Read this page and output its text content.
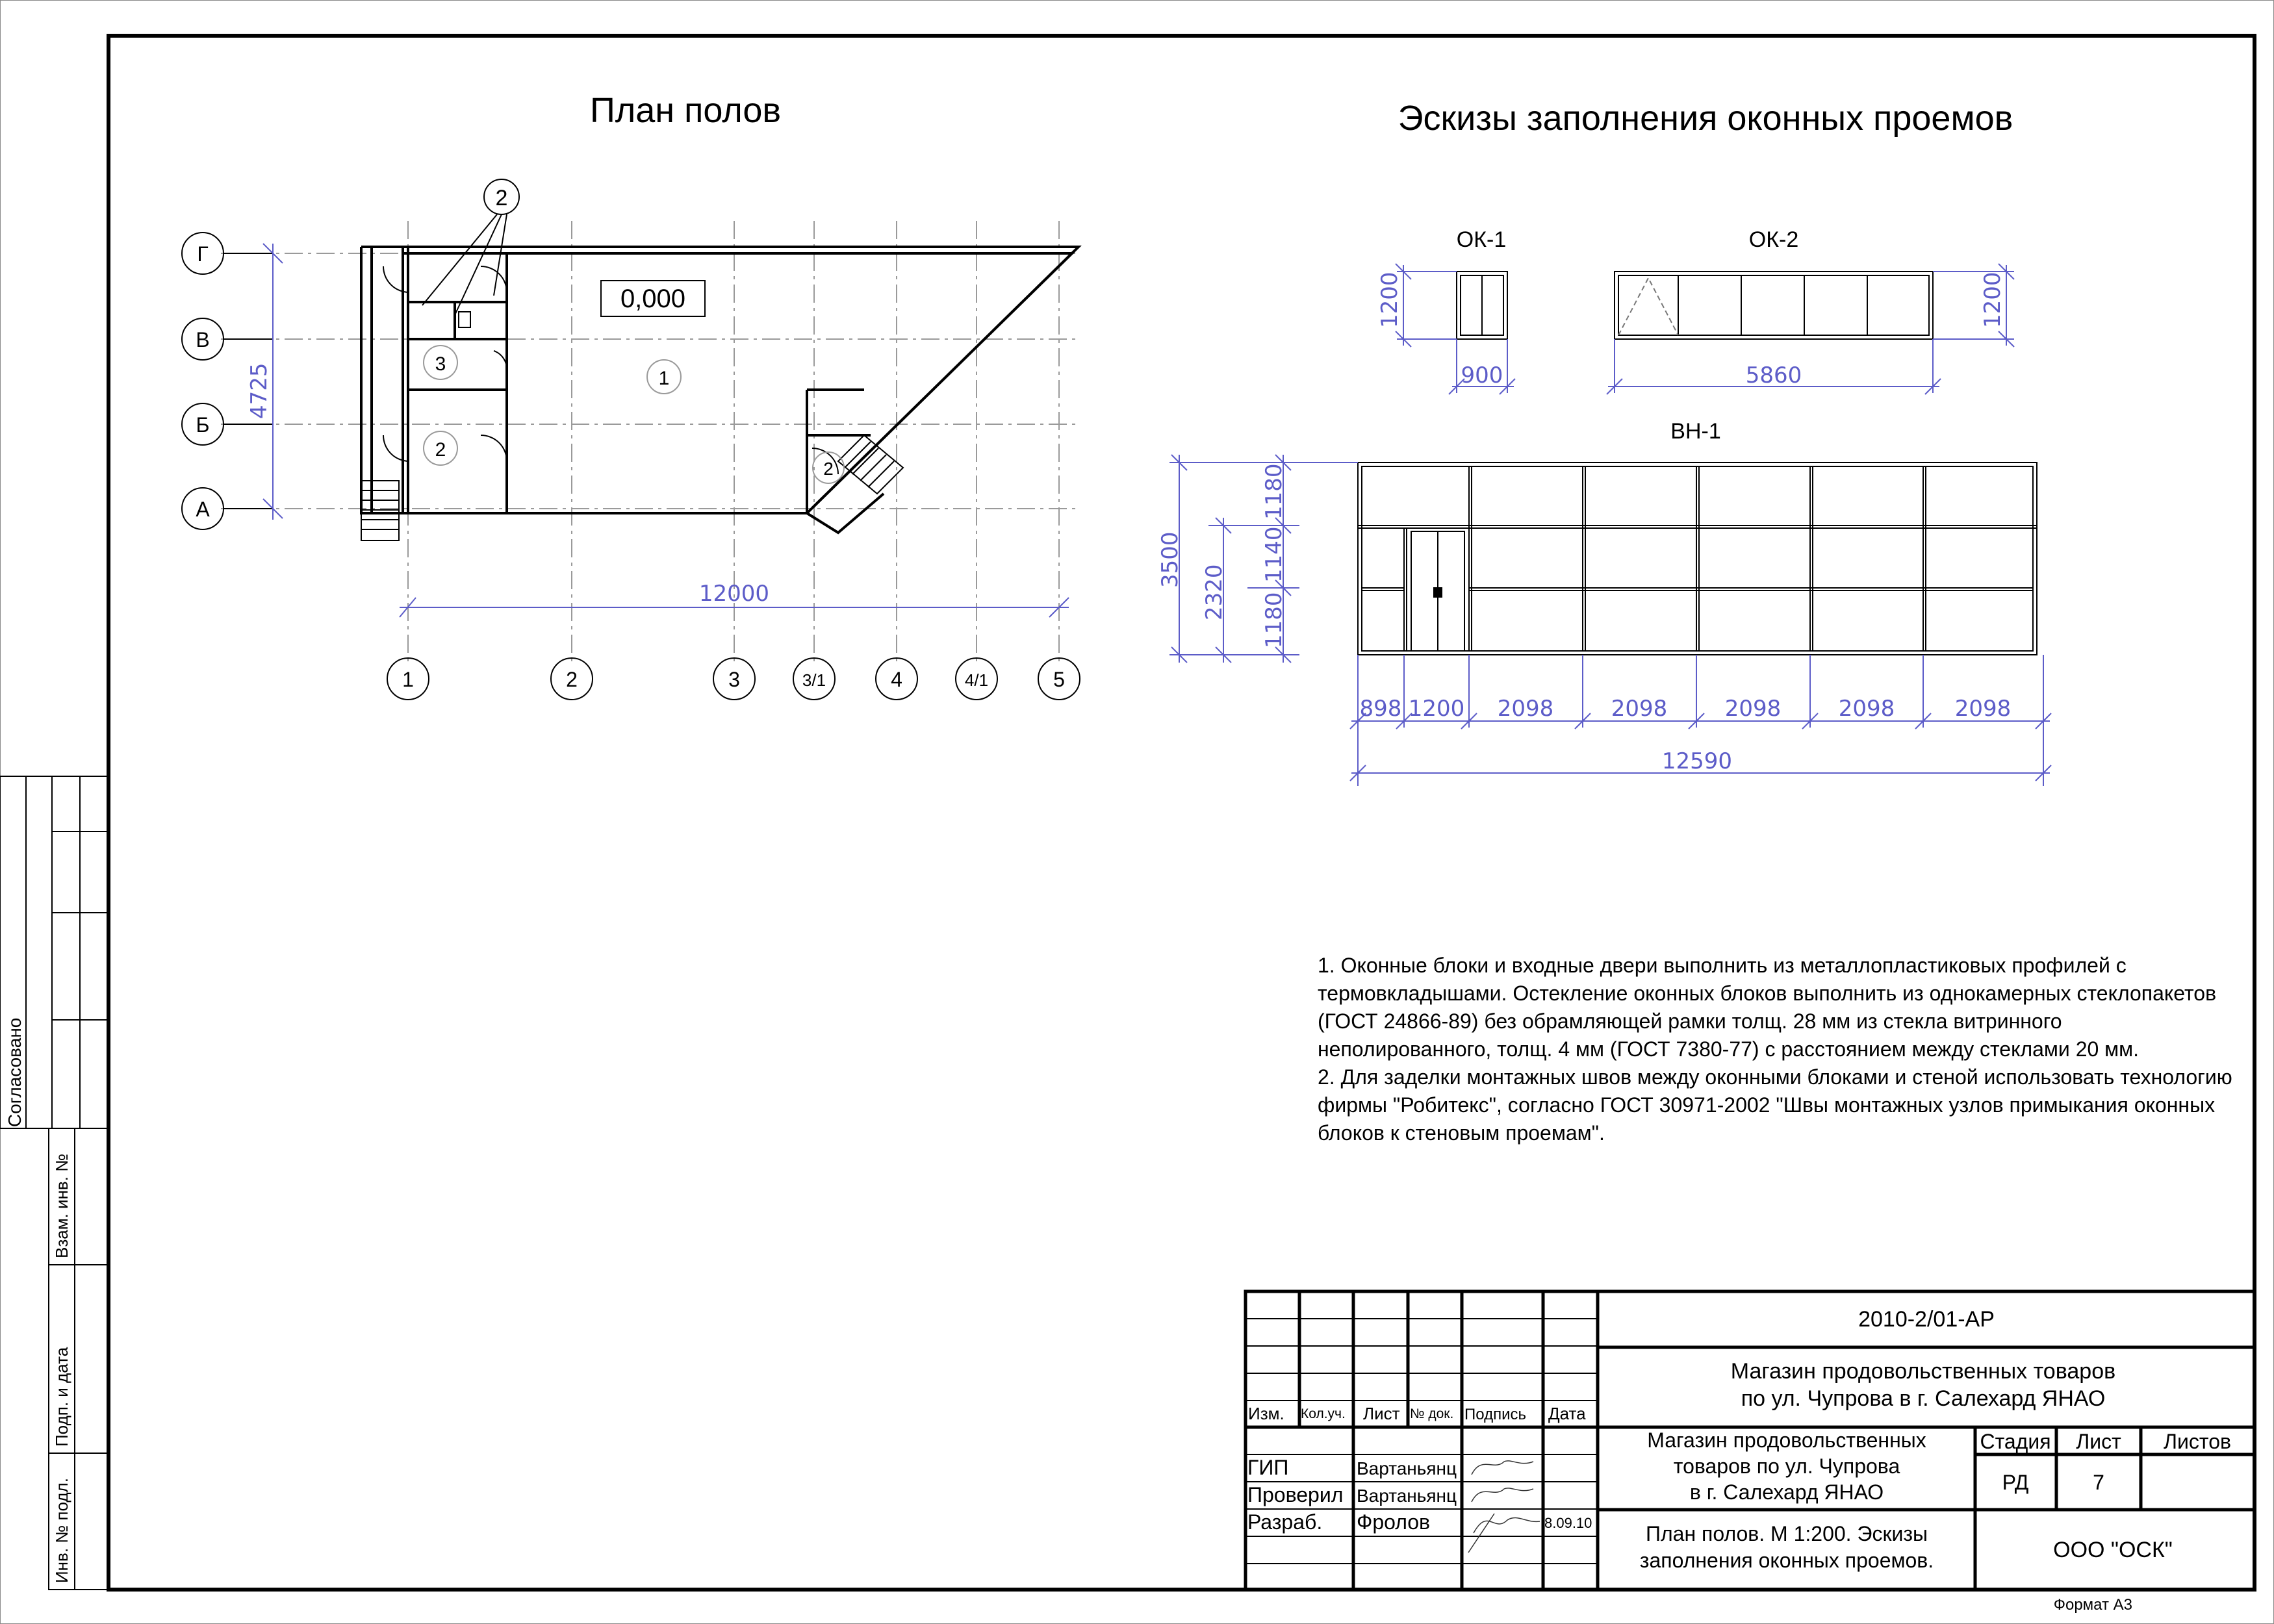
Согласовано
Взам. инв. №
Подп. и дата
Инв. № подл.
План полов
0,000
1
2
3
2
2
Г
В
Б
А
4725
12000
1	2	3	3/1	4	4/1	5
Эскизы заполнения оконных проемов
ОК-1
1200
900
ОК-2
1200
5860
ВН-1
3500
2320
1180
1140
1180
898 1200 2098	2098	2098	2098	2098
12590
Изм. Кол.уч. Лист № док. Подпись Дата
ГИП	Вартаньянц
Проверил Вартаньянц
Разраб. Фролов	8.09.10
2010-2/01-АР
Магазин продовольственных товаров
по ул. Чупрова в г. Салехард ЯНАО
Магазин продовольственных
товаров по ул. Чупрова
в г. Салехард ЯНАО
План полов. М 1:200. Эскизы
заполнения оконных проемов.
Стадия Лист Листов
РД	7
ООО "ОСК"
Формат А3

1. Оконные блоки и входные двери выполнить из металлопластиковых профилей с термовкладышами. Остекление оконных блоков выполнить из однокамерных стеклопакетов (ГОСТ 24866-89) без обрамляющей рамки толщ. 28 мм из стекла витринного неполированного, толщ. 4 мм (ГОСТ 7380-77) с расстоянием между стеклами 20 мм.

2. Для заделки монтажных швов между оконными блоками и стеной использовать технологию фирмы "Робитекс", согласно ГОСТ 30971-2002 "Швы монтажных узлов примыкания оконных блоков к стеновым проемам".
